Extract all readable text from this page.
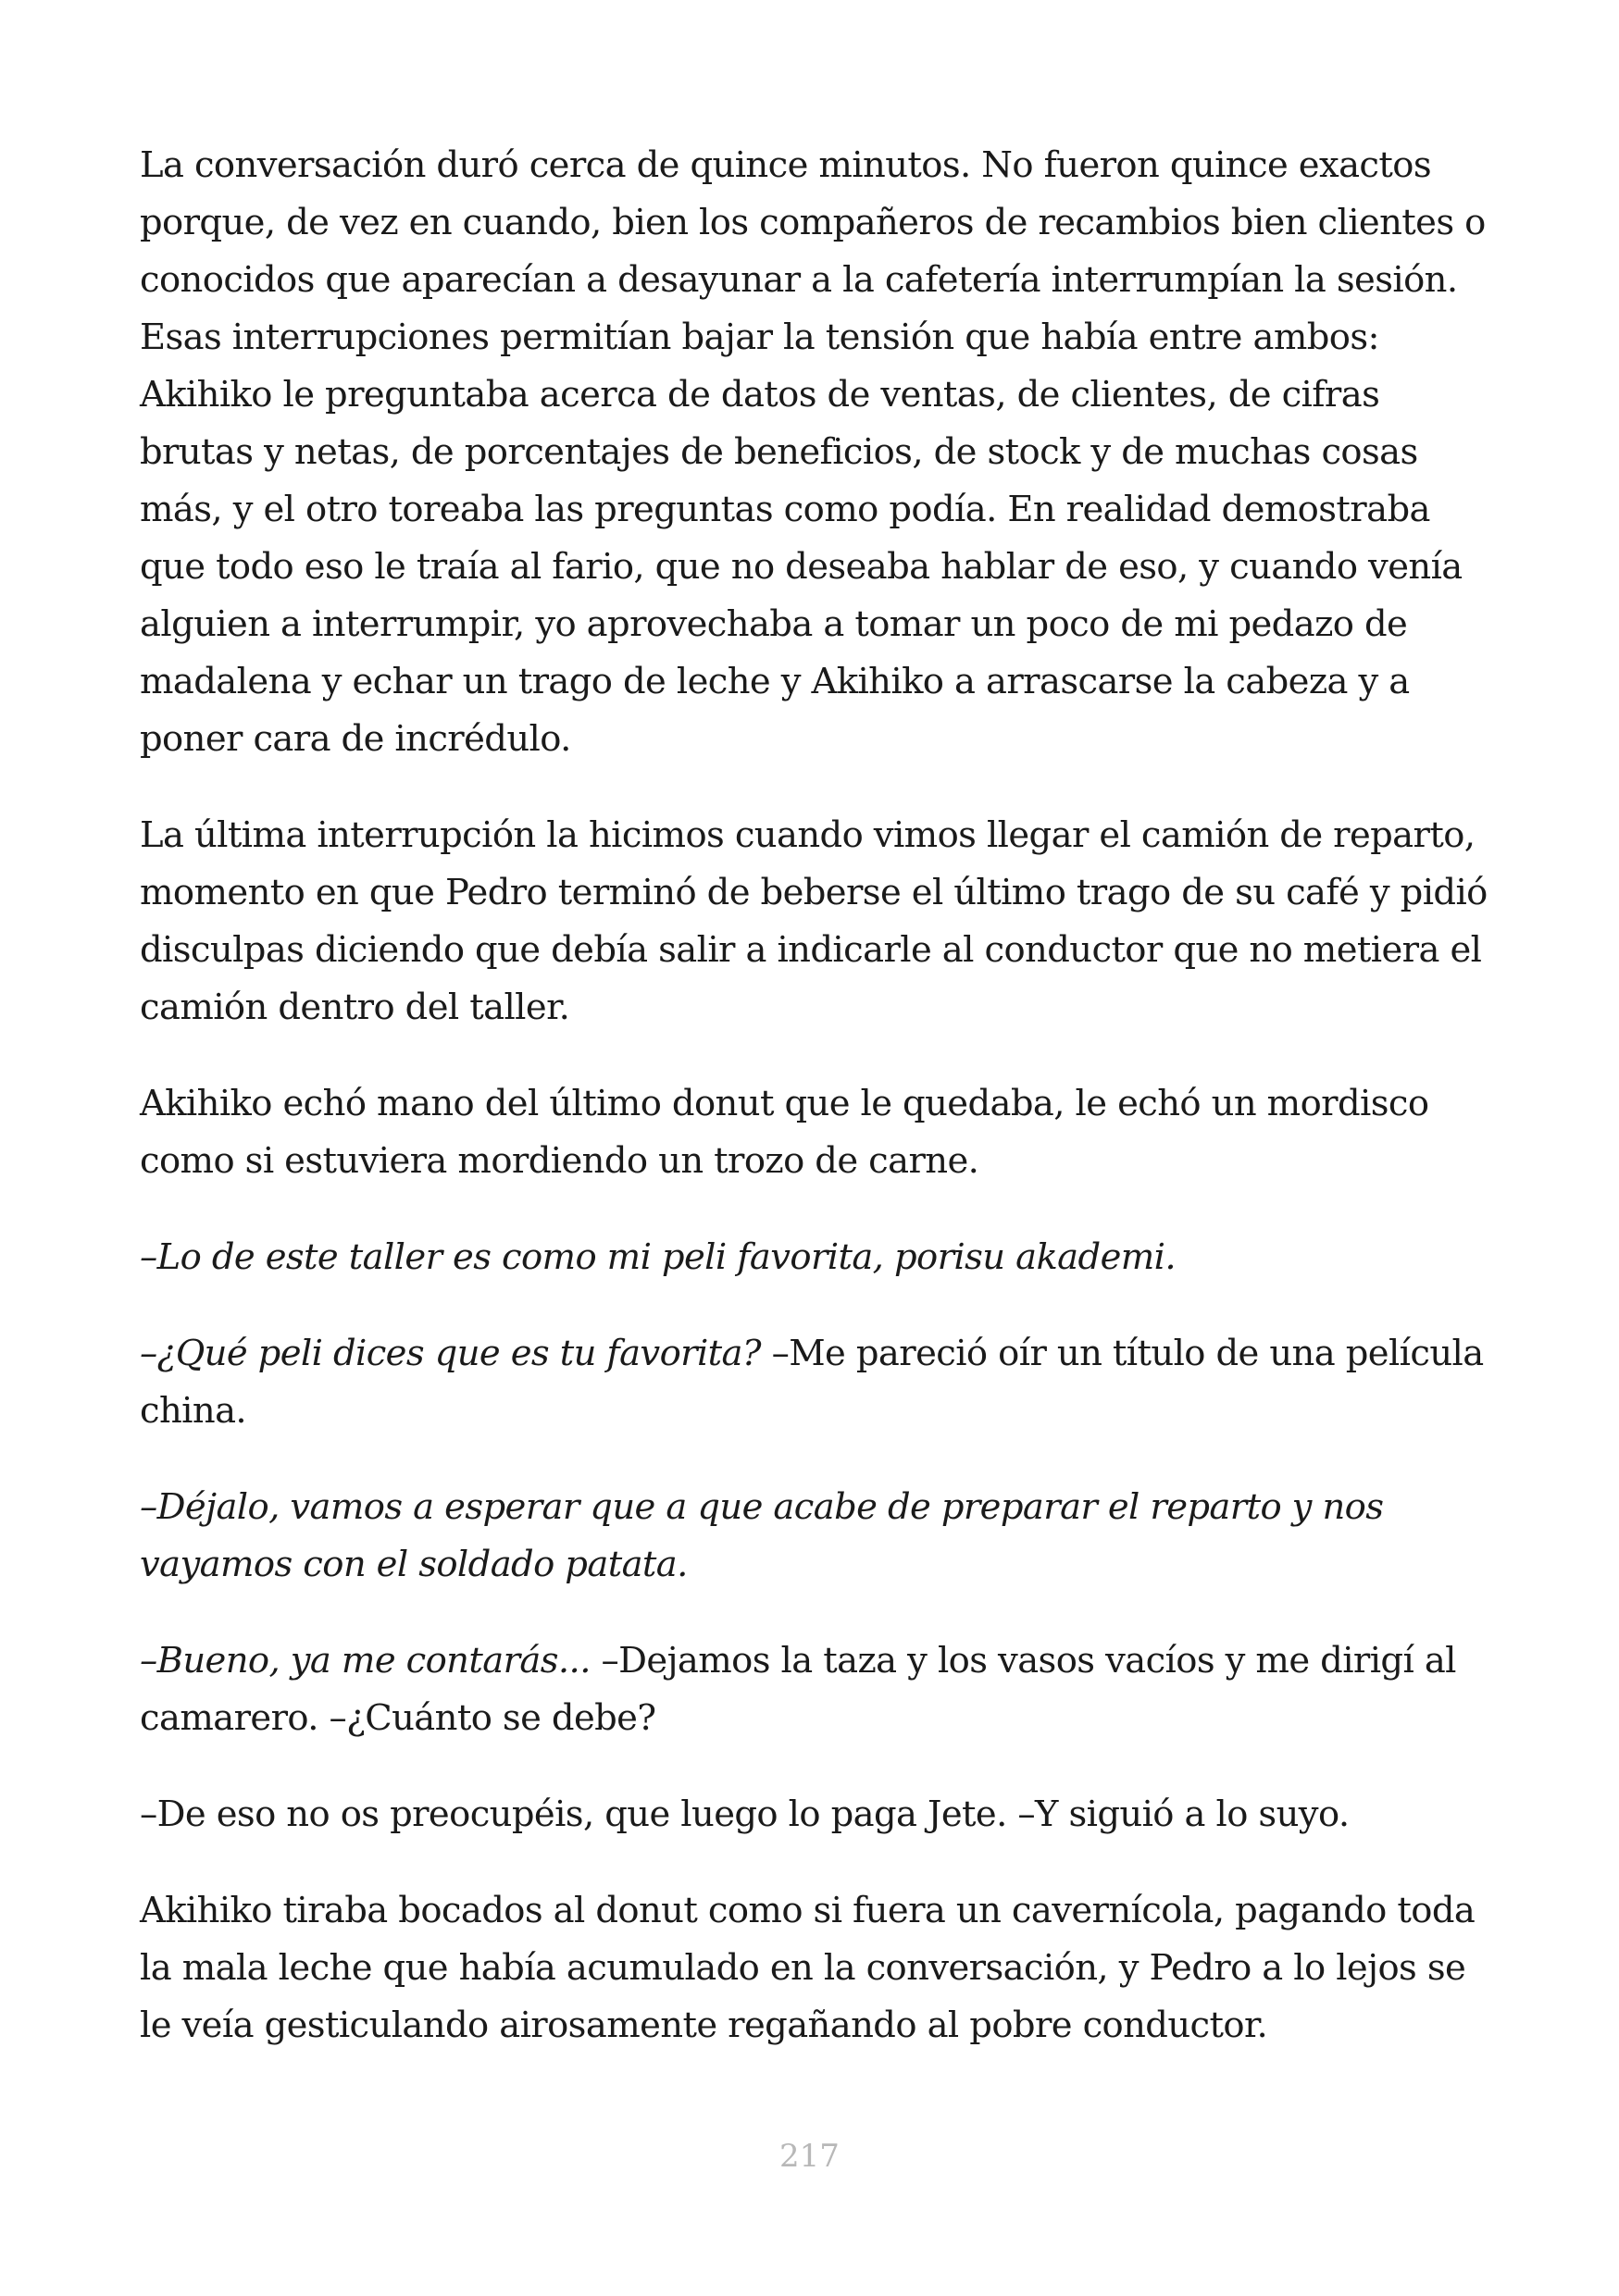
La conversación duró cerca de quince minutos. No fueron quince exactos porque, de vez en cuando, bien los compañeros de recambios bien clientes o conocidos que aparecían a desayunar a la cafetería interrumpían la sesión. Esas interrupciones permitían bajar la tensión que había entre ambos: Akihiko le preguntaba acerca de datos de ventas, de clientes, de cifras brutas y netas, de porcentajes de beneficios, de stock y de muchas cosas más, y el otro toreaba las preguntas como podía. En realidad demostraba que todo eso le traía al fario, que no deseaba hablar de eso, y cuando venía alguien a interrumpir, yo aprovechaba a tomar un poco de mi pedazo de madalena y echar un trago de leche y Akihiko a arrascarse la cabeza y a poner cara de incrédulo.

La última interrupción la hicimos cuando vimos llegar el camión de reparto, momento en que Pedro terminó de beberse el último trago de su café y pidió disculpas diciendo que debía salir a indicarle al conductor que no metiera el camión dentro del taller.

Akihiko echó mano del último donut que le quedaba, le echó un mordisco como si estuviera mordiendo un trozo de carne.

–Lo de este taller es como mi peli favorita, porisu akademi.

–¿Qué peli dices que es tu favorita? –Me pareció oír un título de una película china.

–Déjalo, vamos a esperar que a que acabe de preparar el reparto y nos vayamos con el soldado patata.

–Bueno, ya me contarás... –Dejamos la taza y los vasos vacíos y me dirigí al camarero. –¿Cuánto se debe?

–De eso no os preocupéis, que luego lo paga Jete. –Y siguió a lo suyo.

Akihiko tiraba bocados al donut como si fuera un cavernícola, pagando toda la mala leche que había acumulado en la conversación, y Pedro a lo lejos se le veía gesticulando airosamente regañando al pobre conductor.

217
